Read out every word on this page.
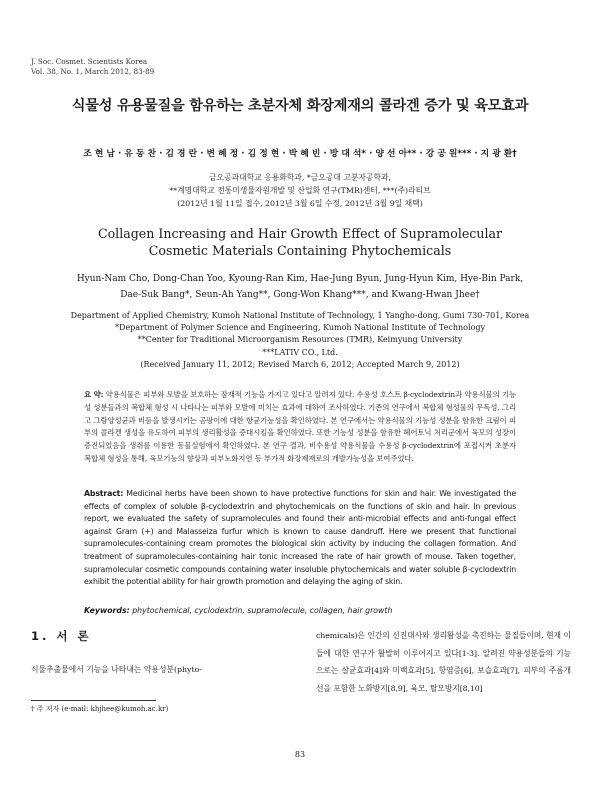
J. Soc. Cosmet. Scientists Korea
Vol. 38, No. 1, March 2012, 83-89
식물성 유용물질을 함유하는 초분자체 화장제재의 콜라겐 증가 및 육모효과
조 현 남 · 유 동 찬 · 김 경 란 · 변 혜 정 · 김 정 현 · 박 혜 빈 · 방 대 석* · 양 선 아** · 강 공 원*** · 지 광 환†
금오공과대학교 응용화학과, *금오공대 고분자공학과,
**계명대학교 전통미생물자원개발 및 산업화 연구(TMR)센터, ***(주)라티브
(2012년 1월 11일 접수, 2012년 3월 6일 수정, 2012년 3월 9일 채택)
Collagen Increasing and Hair Growth Effect of Supramolecular
Cosmetic Materials Containing Phytochemicals
Hyun-Nam Cho, Dong-Chan Yoo, Kyoung-Ran Kim, Hae-Jung Byun, Jung-Hyun Kim, Hye-Bin Park,
Dae-Suk Bang*, Seun-Ah Yang**, Gong-Won Khang***, and Kwang-Hwan Jhee†
Department of Applied Chemistry, Kumoh National Institute of Technology, 1 Yangho-dong, Gumi 730-701, Korea
*Department of Polymer Science and Engineering, Kumoh National Institute of Technology
**Center for Traditional Microorganism Resources (TMR), Keimyung University
***LATIV CO., Ltd.
(Received January 11, 2012; Revised March 6, 2012; Accepted March 9, 2012)
요 약: 약용식물은 피부와 모발을 보호하는 잠재적 기능을 가지고 있다고 알려져 있다. 수용성 호스트 β-cyclodextrin과 약용식물의 기능성 성분들과의 복합체 형성 시 나타나는 피부와 모발에 미치는 효과에 대하여 조사하였다. 기존의 연구에서 복합체 형성물의 무독성, 그리고 그람양성균과 비듬을 발생시키는 곰팡이에 대한 항균기능성을 확인하였다. 본 연구에서는 약용식물의 기능성 성분을 함유한 크림이 피부의 콜라겐 생성을 유도하여 피부의 생리활성을 증대시킴을 확인하였다. 또한 기능성 성분을 함유한 헤어토닉 처리군에서 육모의 성장이 증진되었음을 생쥐를 이용한 동물실험에서 확인하였다. 본 연구 결과, 비수용성 약용식물을 수용성 β-cyclodextrin에 포접시켜 초분자 복합체 형성을 통해, 육모기능의 향상과 피부노화지연 등 부가적 화장제재로의 개발가능성을 보여주었다.
Abstract: Medicinal herbs have been shown to have protective functions for skin and hair. We investigated the effects of complex of soluble β-cyclodextrin and phytochemicals on the functions of skin and hair. In previous report, we evaluated the safety of supramolecules and found their anti-microbial effects and anti-fungal effect against Gram (+) and Malasseiza furfur which is known to cause dandruff. Here we present that functional supramolecules-containing cream promotes the biological skin activity by inducing the collagen formation. And treatment of supramolecules-containing hair tonic increased the rate of hair growth of mouse. Taken together, supramolecular cosmetic compounds containing water insoluble phytochemicals and water soluble β-cyclodextrin exhibit the potential ability for hair growth promotion and delaying the aging of skin.
Keywords: phytochemical, cyclodextrin, supramolecule, collagen, hair growth
1. 서 론
식물추출물에서 기능을 나타내는 약용성분(phyto-
chemicals)은 인간의 신진대사와 생리활성을 촉진하는 물질들이며, 현재 이들에 대한 연구가 활발히 이루어지고 있다[1-3]. 알려진 약용성분들의 기능으로는 살균효과[4]와 미백효과[5], 항염증[6], 보습효과[7], 피부의 주름개선을 포함한 노화방지[8,9], 육모, 탈모방지[8,10]
† 주 저자 (e-mail: khjhee@kumoh.ac.kr)
83
